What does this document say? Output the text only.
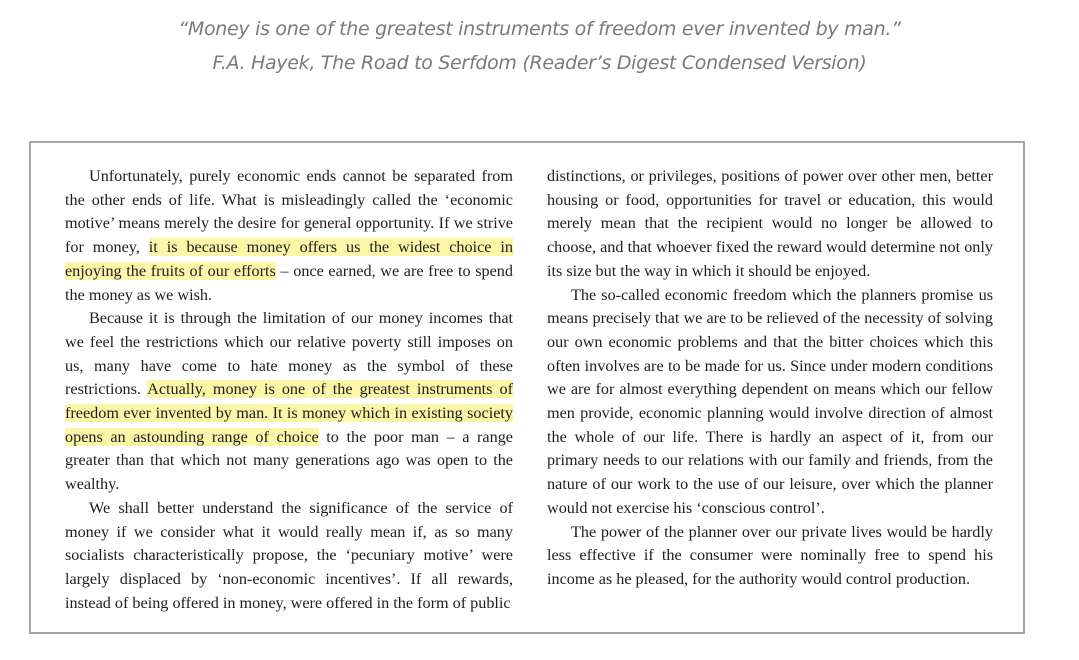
“Money is one of the greatest instruments of freedom ever invented by man.”
F.A. Hayek, The Road to Serfdom (Reader’s Digest Condensed Version)

Unfortunately, purely economic ends cannot be separated from the other ends of life. What is misleadingly called the ‘economic motive’ means merely the desire for general opportunity. If we strive for money, it is because money offers us the widest choice in enjoying the fruits of our efforts – once earned, we are free to spend the money as we wish.

Because it is through the limitation of our money incomes that we feel the restrictions which our relative poverty still imposes on us, many have come to hate money as the symbol of these restrictions. Actually, money is one of the greatest instruments of freedom ever invented by man. It is money which in existing society opens an astounding range of choice to the poor man – a range greater than that which not many generations ago was open to the wealthy.

We shall better understand the significance of the service of money if we consider what it would really mean if, as so many socialists characteristically propose, the ‘pecuniary motive’ were largely displaced by ‘non-economic incentives’. If all rewards, instead of being offered in money, were offered in the form of public

distinctions, or privileges, positions of power over other men, better housing or food, opportunities for travel or education, this would merely mean that the recipient would no longer be allowed to choose, and that whoever fixed the reward would determine not only its size but the way in which it should be enjoyed.

The so-called economic freedom which the planners promise us means precisely that we are to be relieved of the necessity of solving our own economic problems and that the bitter choices which this often involves are to be made for us. Since under modern conditions we are for almost everything dependent on means which our fellow men provide, economic planning would involve direction of almost the whole of our life. There is hardly an aspect of it, from our primary needs to our relations with our family and friends, from the nature of our work to the use of our leisure, over which the planner would not exercise his ‘conscious control’.

The power of the planner over our private lives would be hardly less effective if the consumer were nominally free to spend his income as he pleased, for the authority would control production.
